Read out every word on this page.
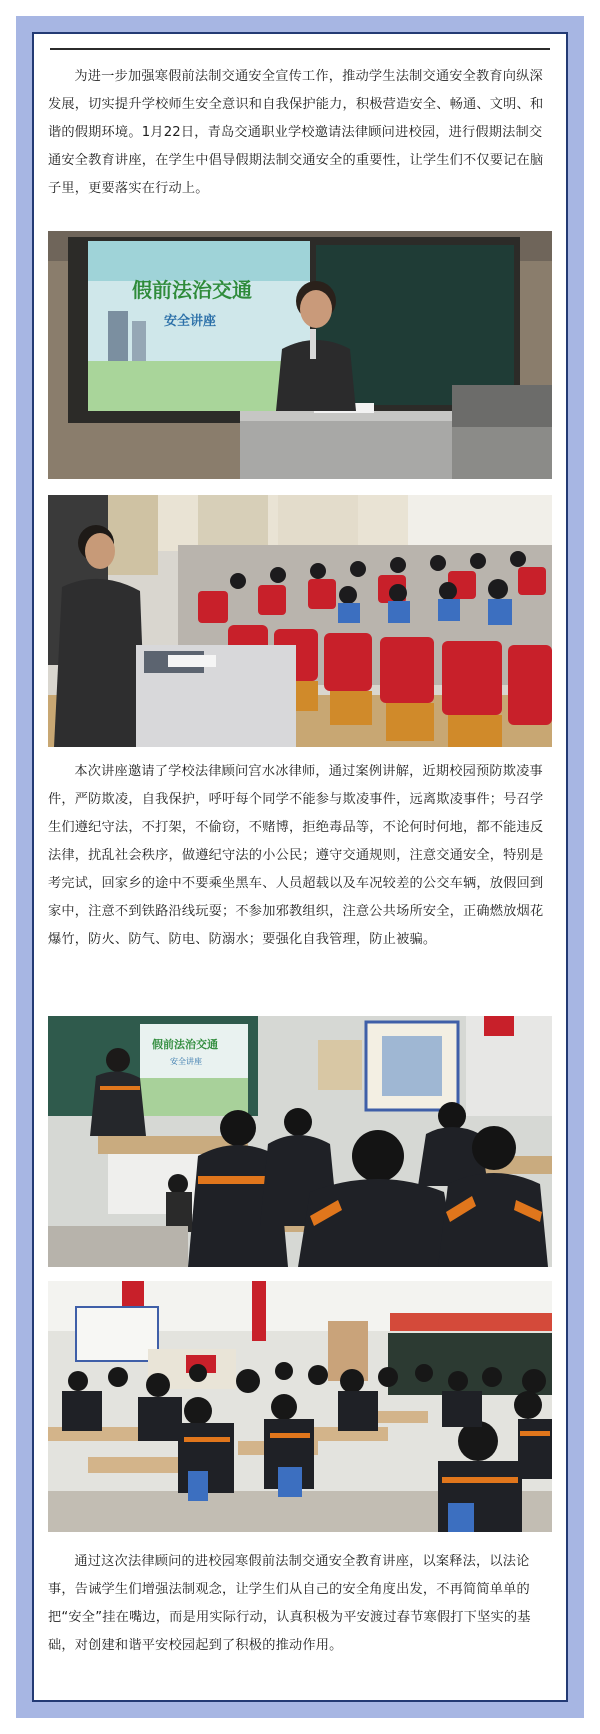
为进一步加强寒假前法制交通安全宣传工作，推动学生法制交通安全教育向纵深发展，切实提升学校师生安全意识和自我保护能力，积极营造安全、畅通、文明、和谐的假期环境。1月22日，青岛交通职业学校邀请法律顾问进校园，进行假期法制交通安全教育讲座，在学生中倡导假期法制交通安全的重要性，让学生们不仅要记在脑子里，更要落实在行动上。

假前法治交通
安全讲座

本次讲座邀请了学校法律顾问宫水冰律师，通过案例讲解，近期校园预防欺凌事件，严防欺凌，自我保护，呼吁每个同学不能参与欺凌事件，远离欺凌事件；号召学生们遵纪守法，不打架，不偷窃，不赌博，拒绝毒品等，不论何时何地，都不能违反法律，扰乱社会秩序，做遵纪守法的小公民；遵守交通规则，注意交通安全，特别是考完试，回家乡的途中不要乘坐黑车、人员超载以及车况较差的公交车辆，放假回到家中，注意不到铁路沿线玩耍；不参加邪教组织，注意公共场所安全，正确燃放烟花爆竹，防火、防气、防电、防溺水；要强化自我管理，防止被骗。

假前法治交通
安全讲座

通过这次法律顾问的进校园寒假前法制交通安全教育讲座，以案释法，以法论事，告诫学生们增强法制观念，让学生们从自己的安全角度出发，不再简简单单的把“安全”挂在嘴边，而是用实际行动，认真积极为平安渡过春节寒假打下坚实的基础，对创建和谐平安校园起到了积极的推动作用。
